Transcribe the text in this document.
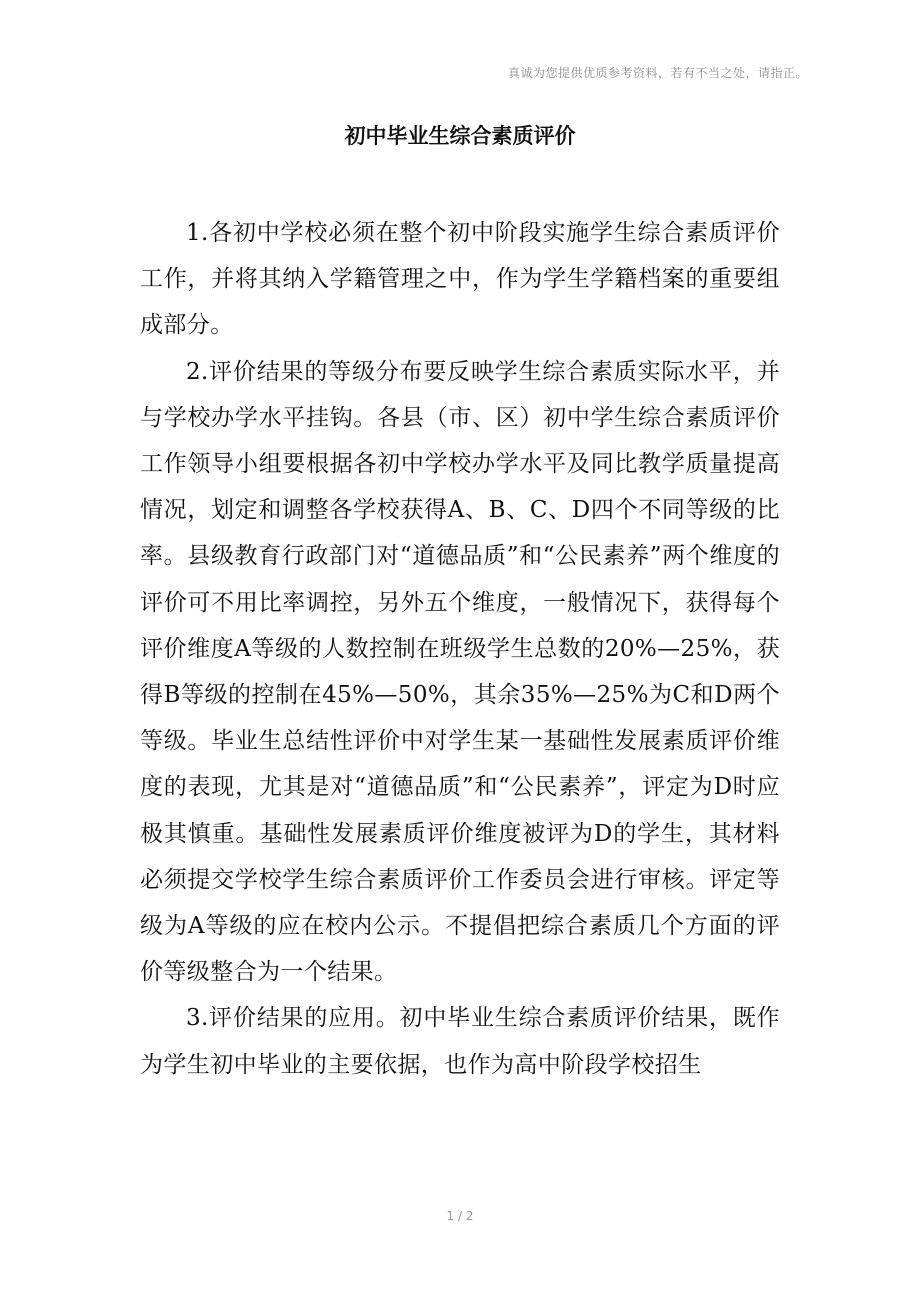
真诚为您提供优质参考资料，若有不当之处，请指正。
初中毕业生综合素质评价

1.各初中学校必须在整个初中阶段实施学生综合素质评价工作，并将其纳入学籍管理之中，作为学生学籍档案的重要组成部分。

2.评价结果的等级分布要反映学生综合素质实际水平，并与学校办学水平挂钩。各县（市、区）初中学生综合素质评价工作领导小组要根据各初中学校办学水平及同比教学质量提高情况，划定和调整各学校获得A、B、C、D四个不同等级的比率。县级教育行政部门对“道德品质”和“公民素养”两个维度的评价可不用比率调控，另外五个维度，一般情况下，获得每个评价维度A等级的人数控制在班级学生总数的20%—25%，获得B等级的控制在45%—50%，其余35%—25%为C和D两个等级。毕业生总结性评价中对学生某一基础性发展素质评价维度的表现，尤其是对“道德品质”和“公民素养”，评定为D时应极其慎重。基础性发展素质评价维度被评为D的学生，其材料必须提交学校学生综合素质评价工作委员会进行审核。评定等级为A等级的应在校内公示。不提倡把综合素质几个方面的评价等级整合为一个结果。

3.评价结果的应用。初中毕业生综合素质评价结果，既作为学生初中毕业的主要依据，也作为高中阶段学校招生

1 / 2
